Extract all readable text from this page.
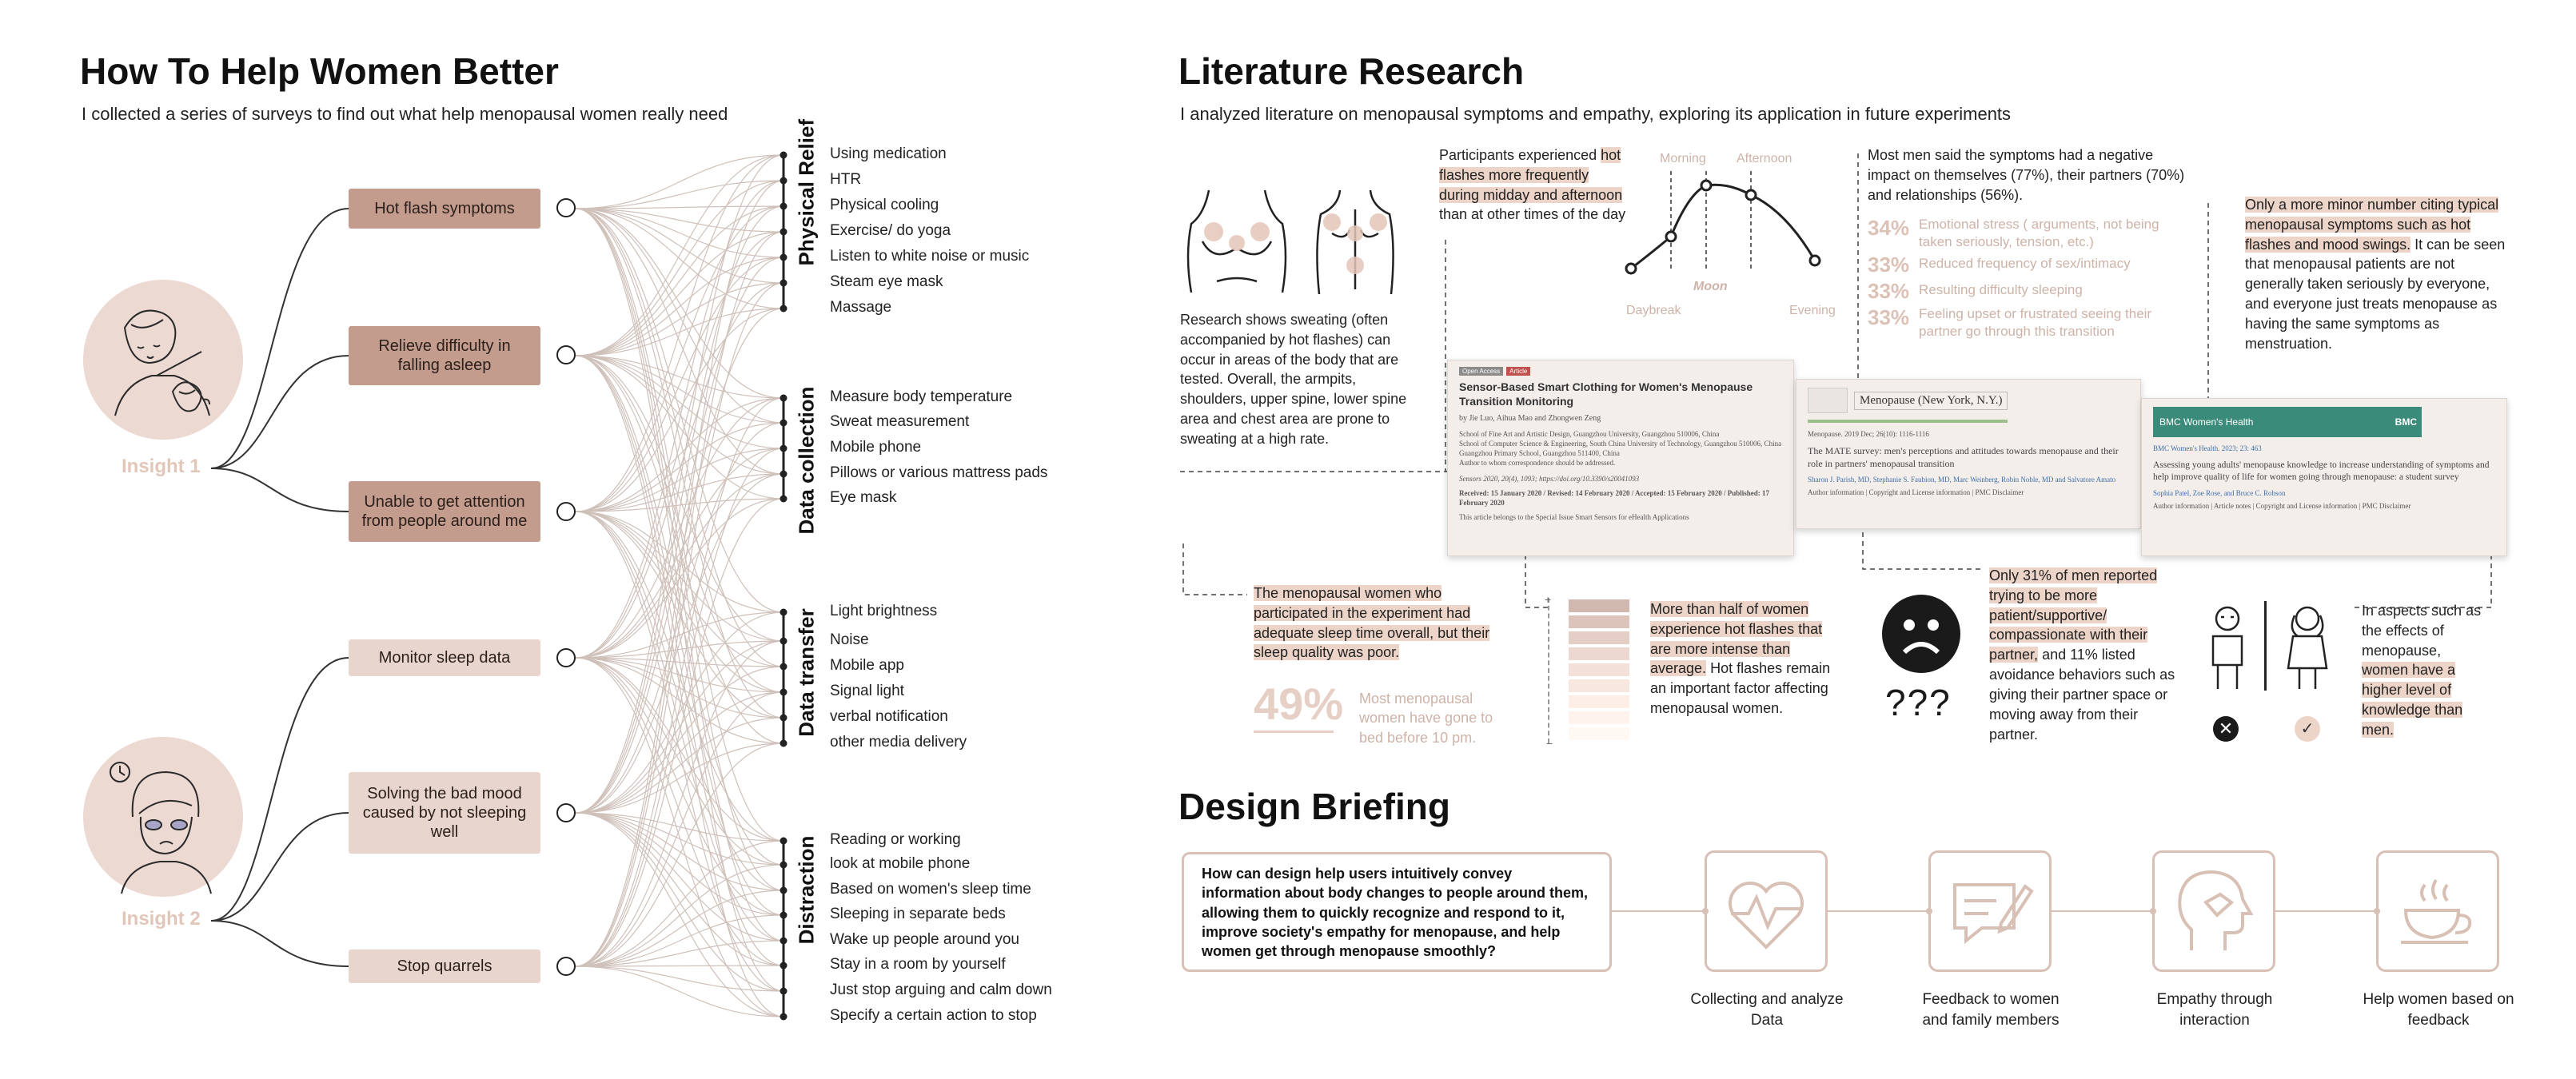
How To Help Women Better
I collected a series of surveys to find out what help menopausal women really need
Insight 1
Insight 2
Hot flash symptoms
Relieve difficulty in falling asleep
Unable to get attention from people around me
Monitor sleep data
Solving the bad mood caused by not sleeping well
Stop quarrels
Physical Relief
Data collection
Data transfer
Distraction
Using medication
HTR
Physical cooling
Exercise/ do yoga
Listen to white noise or music
Steam eye mask
Massage
Measure body temperature
Sweat measurement
Mobile phone
Pillows or various mattress pads
Eye mask
Light brightness
Noise
Mobile app
Signal light
verbal notification
other media delivery
Reading or working
look at mobile phone
Based on women's sleep time
Sleeping in separate beds
Wake up people around you
Stay in a room by yourself
Just stop arguing and calm down
Specify a certain action to stop
Literature Research
I analyzed literature on menopausal symptoms and empathy, exploring its application in future experiments
Research shows sweating (often accompanied by hot flashes) can occur in areas of the body that are tested. Overall, the armpits, shoulders, upper spine, lower spine area and chest area are prone to sweating at a high rate.
Participants experienced hot flashes more frequently during midday and afternoon than at other times of the day
Morning Afternoon
Moon
Daybreak	Evening
Most men said the symptoms had a negative impact on themselves (77%), their partners (70%) and relationships (56%).
34% Emotional stress ( arguments, not being taken seriously, tension, etc.)
33% Reduced frequency of sex/intimacy
33% Resulting difficulty sleeping
33% Feeling upset or frustrated seeing their partner go through this transition
Only a more minor number citing typical menopausal symptoms such as hot flashes and mood swings. It can be seen that menopausal patients are not generally taken seriously by everyone, and everyone just treats menopause as having the same symptoms as menstruation.
Open Access	Article
Sensor-Based Smart Clothing for Women's Menopause Transition Monitoring
by Jie Luo, Aihua Mao and Zhongwen Zeng
School of Fine Art and Artistic Design, Guangzhou University, Guangzhou 510006, China
School of Computer Science & Engineering, South China University of Technology, Guangzhou 510006, China
Guangzhou Primary School, Guangzhou 511400, China
Author to whom correspondence should be addressed.
Sensors 2020, 20(4), 1093; https://doi.org/10.3390/s20041093
Received: 15 January 2020 / Revised: 14 February 2020 / Accepted: 15 February 2020 / Published: 17 February 2020
This article belongs to the Special Issue Smart Sensors for eHealth Applications
Menopause (New York, N.Y.)
Menopause. 2019 Dec; 26(10): 1116-1116
The MATE survey: men's perceptions and attitudes towards menopause and their role in partners' menopausal transition
Sharon J. Parish, MD, Stephanie S. Faubion, MD, Marc Weinberg, Robin Noble, MD and Salvatore Amato
Author information | Copyright and License information | PMC Disclaimer
BMC Women's Health	BMC
BMC Women's Health. 2023; 23: 463
Assessing young adults' menopause knowledge to increase understanding of symptoms and help improve quality of life for women going through menopause: a student survey
Sophia Patel, Zoe Rose, and Bruce C. Robson
Author information | Article notes | Copyright and License information | PMC Disclaimer
The menopausal women who participated in the experiment had adequate sleep time overall, but their sleep quality was poor.
49% Most menopausal women have gone to bed before 10 pm.
+
−
More than half of women experience hot flashes that are more intense than average. Hot flashes remain an important factor affecting menopausal women.	???
Only 31% of men reported trying to be more patient/supportive/ compassionate with their partner, and 11% listed avoidance behaviors such as giving their partner space or moving away from their partner.	✕	✓
In aspects such as the effects of menopause, women have a higher level of knowledge than men.
Design Briefing
How can design help users intuitively convey information about body changes to people around them, allowing them to quickly recognize and respond to it, improve society's empathy for menopause, and help women get through menopause smoothly?
Collecting and analyze Data
Feedback to women and family members
Empathy through interaction
Help women based on feedback
